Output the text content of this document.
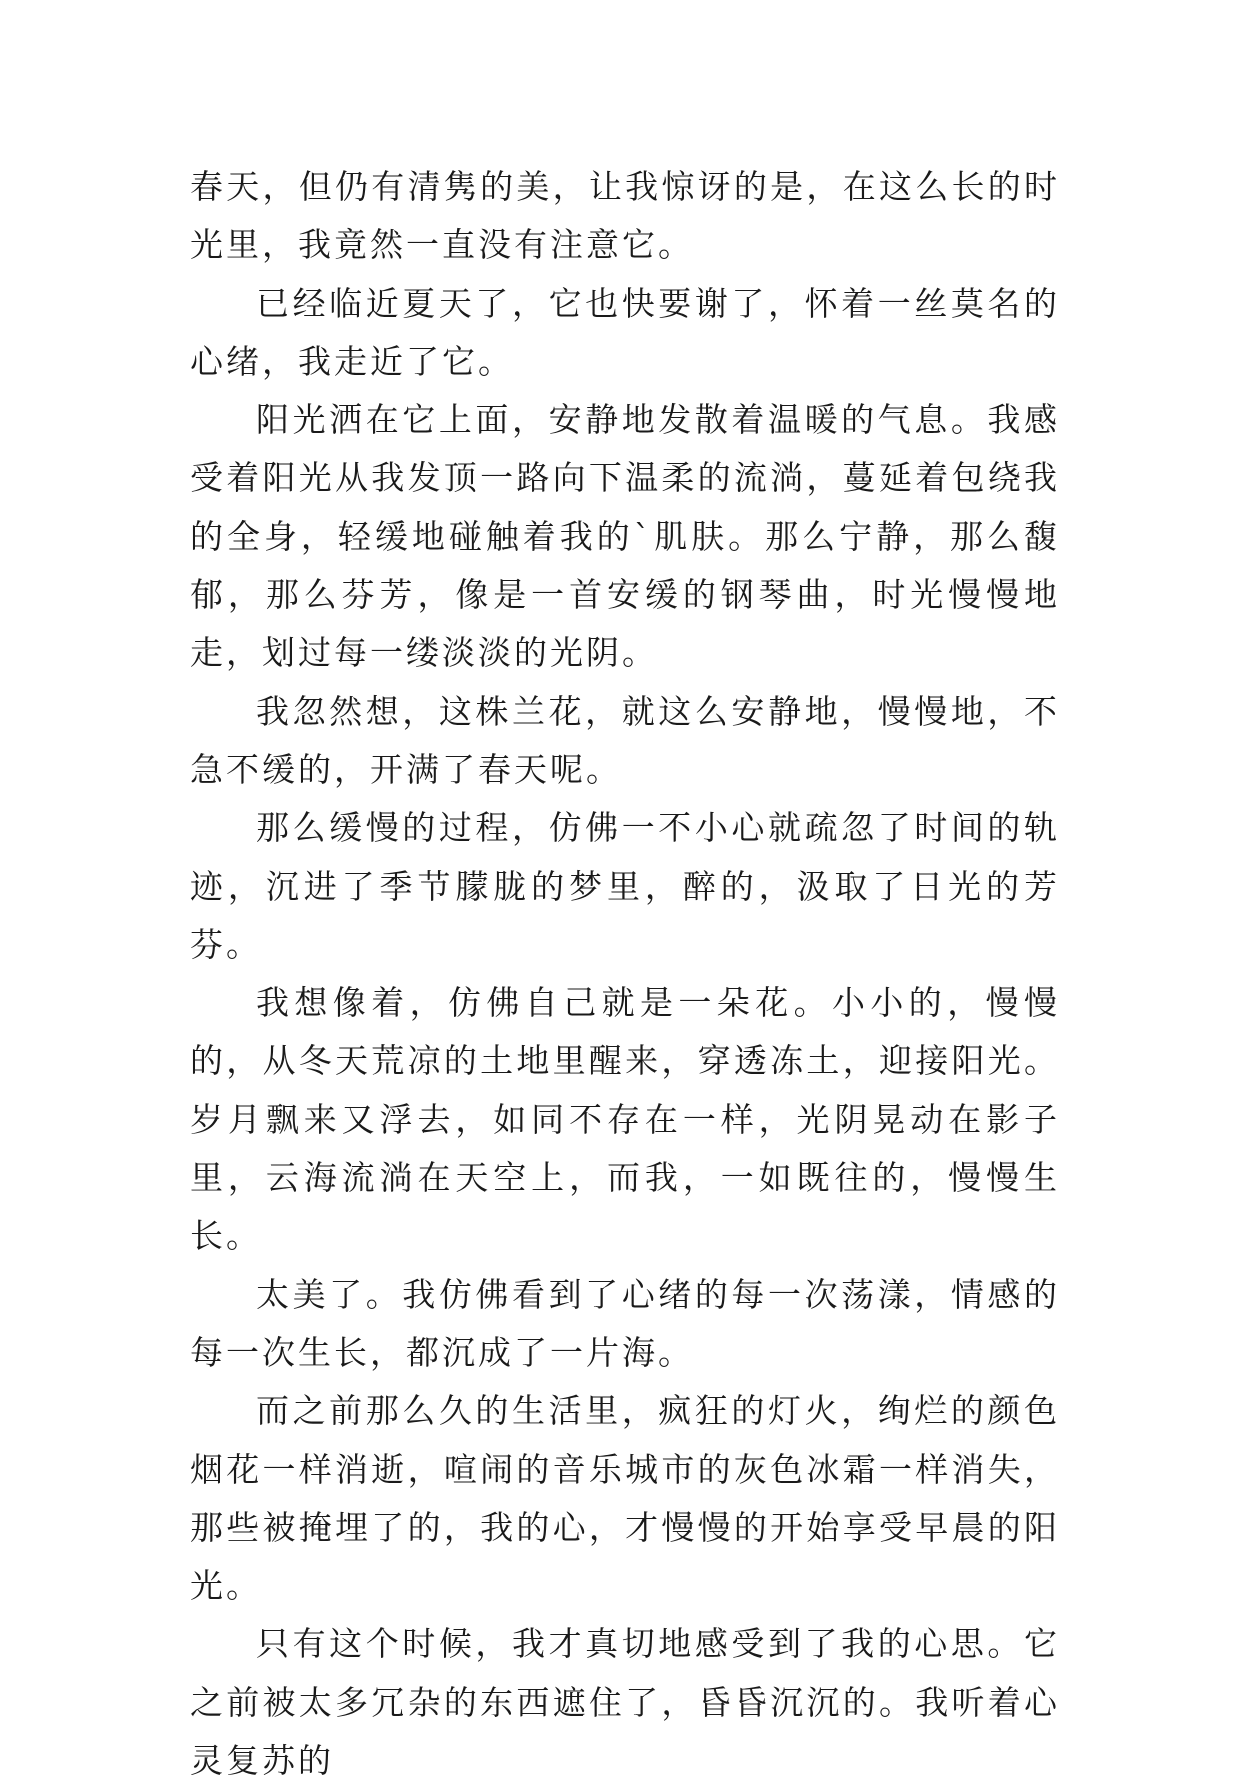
春天，但仍有清隽的美，让我惊讶的是，在这么长的时光里，我竟然一直没有注意它。

已经临近夏天了，它也快要谢了，怀着一丝莫名的心绪，我走近了它。

阳光洒在它上面，安静地发散着温暖的气息。我感受着阳光从我发顶一路向下温柔的流淌，蔓延着包绕我的全身，轻缓地碰触着我的`肌肤。那么宁静，那么馥郁，那么芬芳，像是一首安缓的钢琴曲，时光慢慢地走，划过每一缕淡淡的光阴。

我忽然想，这株兰花，就这么安静地，慢慢地，不急不缓的，开满了春天呢。

那么缓慢的过程，仿佛一不小心就疏忽了时间的轨迹，沉进了季节朦胧的梦里，醉的，汲取了日光的芳芬。

我想像着，仿佛自己就是一朵花。小小的，慢慢的，从冬天荒凉的土地里醒来，穿透冻土，迎接阳光。岁月飘来又浮去，如同不存在一样，光阴晃动在影子里，云海流淌在天空上，而我，一如既往的，慢慢生长。

太美了。我仿佛看到了心绪的每一次荡漾，情感的每一次生长，都沉成了一片海。

而之前那么久的生活里，疯狂的灯火，绚烂的颜色烟花一样消逝，喧闹的音乐城市的灰色冰霜一样消失，那些被掩埋了的，我的心，才慢慢的开始享受早晨的阳光。

只有这个时候，我才真切地感受到了我的心思。它之前被太多冗杂的东西遮住了，昏昏沉沉的。我听着心灵复苏的
